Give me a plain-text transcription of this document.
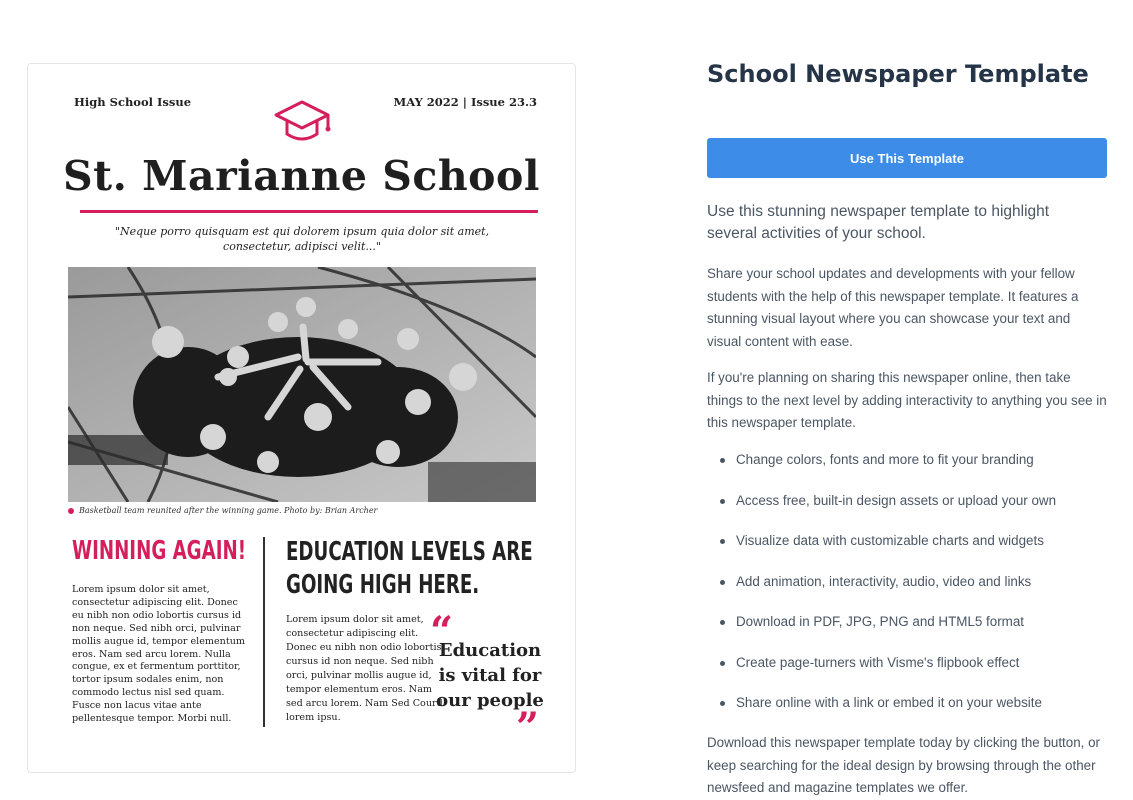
High School Issue	MAY 2022 | Issue 23.3
St. Marianne School
"Neque porro quisquam est qui dolorem ipsum quia dolor sit amet, consectetur, adipisci velit..."
Basketball team reunited after the winning game. Photo by: Brian Archer
WINNING AGAIN!
Lorem ipsum dolor sit amet, consectetur adipiscing elit. Donec eu nibh non odio lobortis cursus id non neque. Sed nibh orci, pulvinar mollis augue id, tempor elementum eros. Nam sed arcu lorem. Nulla congue, ex et fermentum porttitor, tortor ipsum sodales enim, non commodo lectus nisl sed quam. Fusce non lacus vitae ante pellentesque tempor. Morbi null.
EDUCATION LEVELS ARE
GOING HIGH HERE.
Lorem ipsum dolor sit amet, consectetur adipiscing elit. Donec eu nibh non odio lobortis cursus id non neque. Sed nibh orci, pulvinar mollis augue id, tempor elementum eros. Nam sed arcu lorem. Nam Sed Courd lorem ipsu.
“
Education is vital for our people
”
School Newspaper Template
Use This Template
Use this stunning newspaper template to highlight several activities of your school.
Share your school updates and developments with your fellow students with the help of this newspaper template. It features a stunning visual layout where you can showcase your text and visual content with ease.
If you're planning on sharing this newspaper online, then take things to the next level by adding interactivity to anything you see in this newspaper template.
Change colors, fonts and more to fit your branding
Access free, built-in design assets or upload your own
Visualize data with customizable charts and widgets
Add animation, interactivity, audio, video and links
Download in PDF, JPG, PNG and HTML5 format
Create page-turners with Visme's flipbook effect
Share online with a link or embed it on your website
Download this newspaper template today by clicking the button, or keep searching for the ideal design by browsing through the other newsfeed and magazine templates we offer.
